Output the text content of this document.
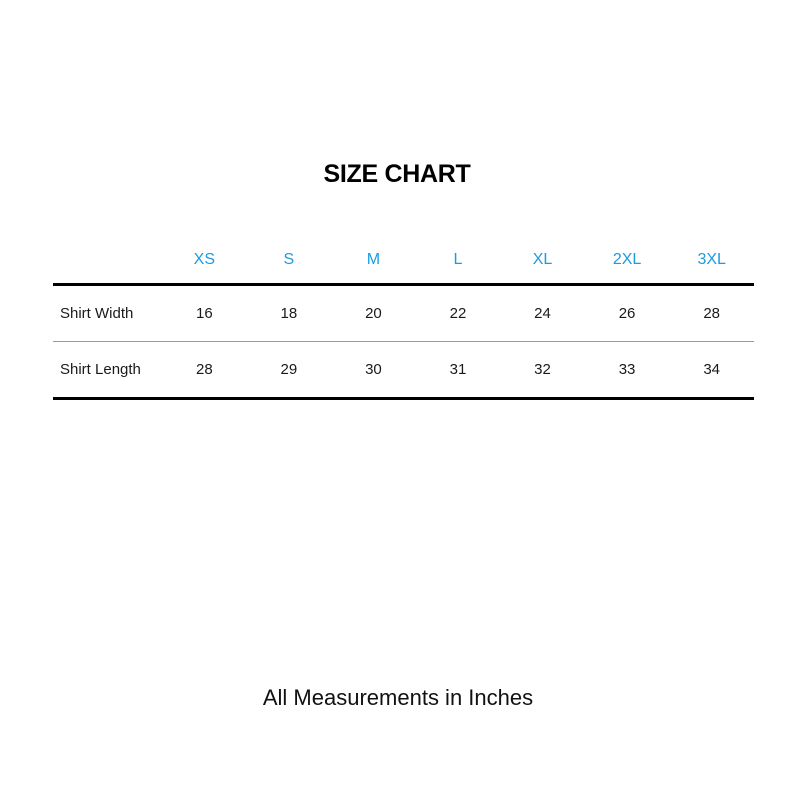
SIZE CHART
	XS	S	M	L	XL	2XL	3XL
Shirt Width	16	18	20	22	24	26	28
Shirt Length	28	29	30	31	32	33	34
All Measurements in Inches
